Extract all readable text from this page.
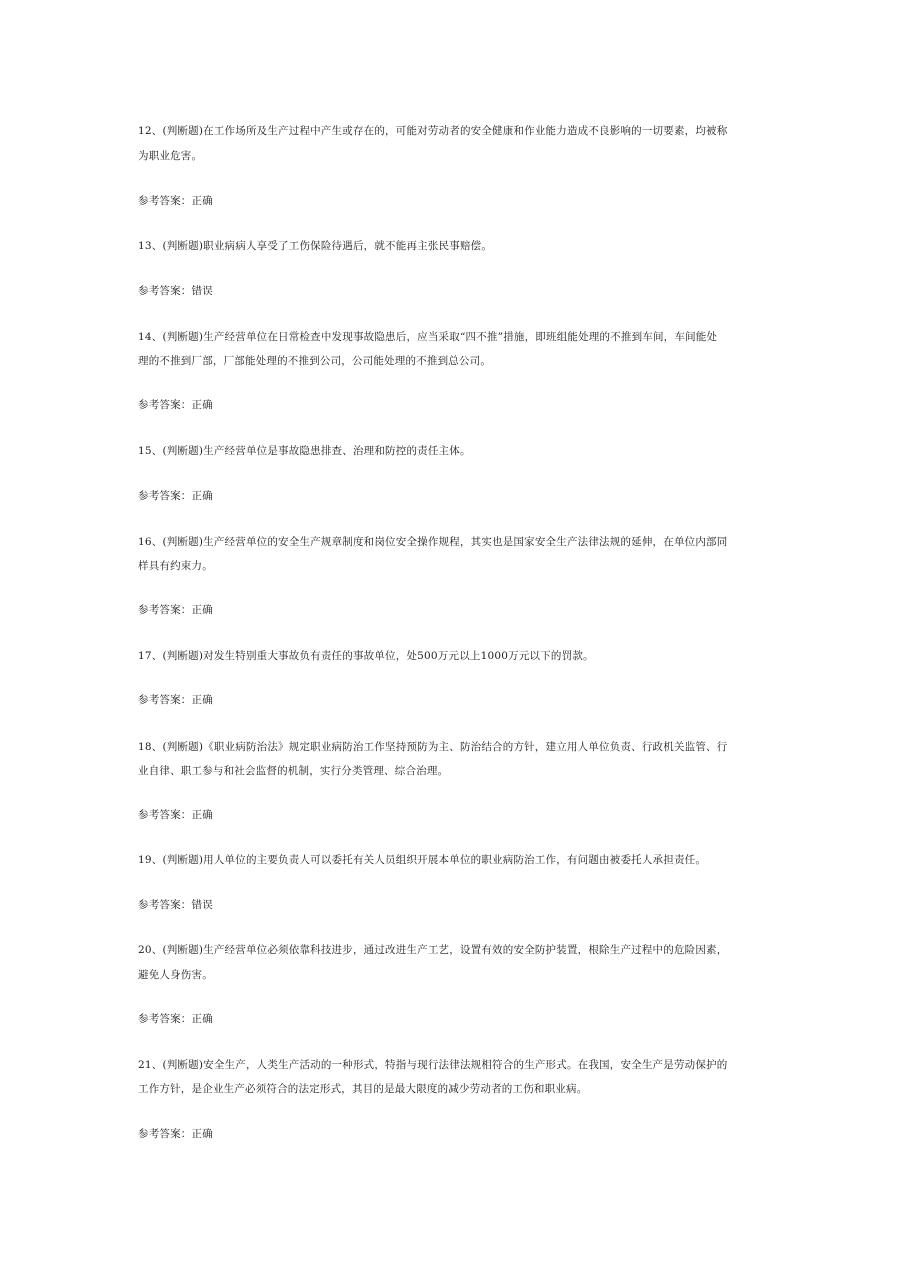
12、(判断题)在工作场所及生产过程中产生或存在的，可能对劳动者的安全健康和作业能力造成不良影响的一切要素，均被称
为职业危害。
参考答案：正确
13、(判断题)职业病病人享受了工伤保险待遇后，就不能再主张民事赔偿。
参考答案：错误
14、(判断题)生产经营单位在日常检查中发现事故隐患后，应当采取“四不推”措施，即班组能处理的不推到车间，车间能处
理的不推到厂部，厂部能处理的不推到公司，公司能处理的不推到总公司。
参考答案：正确
15、(判断题)生产经营单位是事故隐患排查、治理和防控的责任主体。
参考答案：正确
16、(判断题)生产经营单位的安全生产规章制度和岗位安全操作规程，其实也是国家安全生产法律法规的延伸，在单位内部同
样具有约束力。
参考答案：正确
17、(判断题)对发生特别重大事故负有责任的事故单位，处500万元以上1000万元以下的罚款。
参考答案：正确
18、(判断题)《职业病防治法》规定职业病防治工作坚持预防为主、防治结合的方针，建立用人单位负责、行政机关监管、行
业自律、职工参与和社会监督的机制，实行分类管理、综合治理。
参考答案：正确
19、(判断题)用人单位的主要负责人可以委托有关人员组织开展本单位的职业病防治工作，有问题由被委托人承担责任。
参考答案：错误
20、(判断题)生产经营单位必须依靠科技进步，通过改进生产工艺，设置有效的安全防护装置，根除生产过程中的危险因素，
避免人身伤害。
参考答案：正确
21、(判断题)安全生产，人类生产活动的一种形式，特指与现行法律法规相符合的生产形式。在我国，安全生产是劳动保护的
工作方针，是企业生产必须符合的法定形式，其目的是最大限度的减少劳动者的工伤和职业病。
参考答案：正确
